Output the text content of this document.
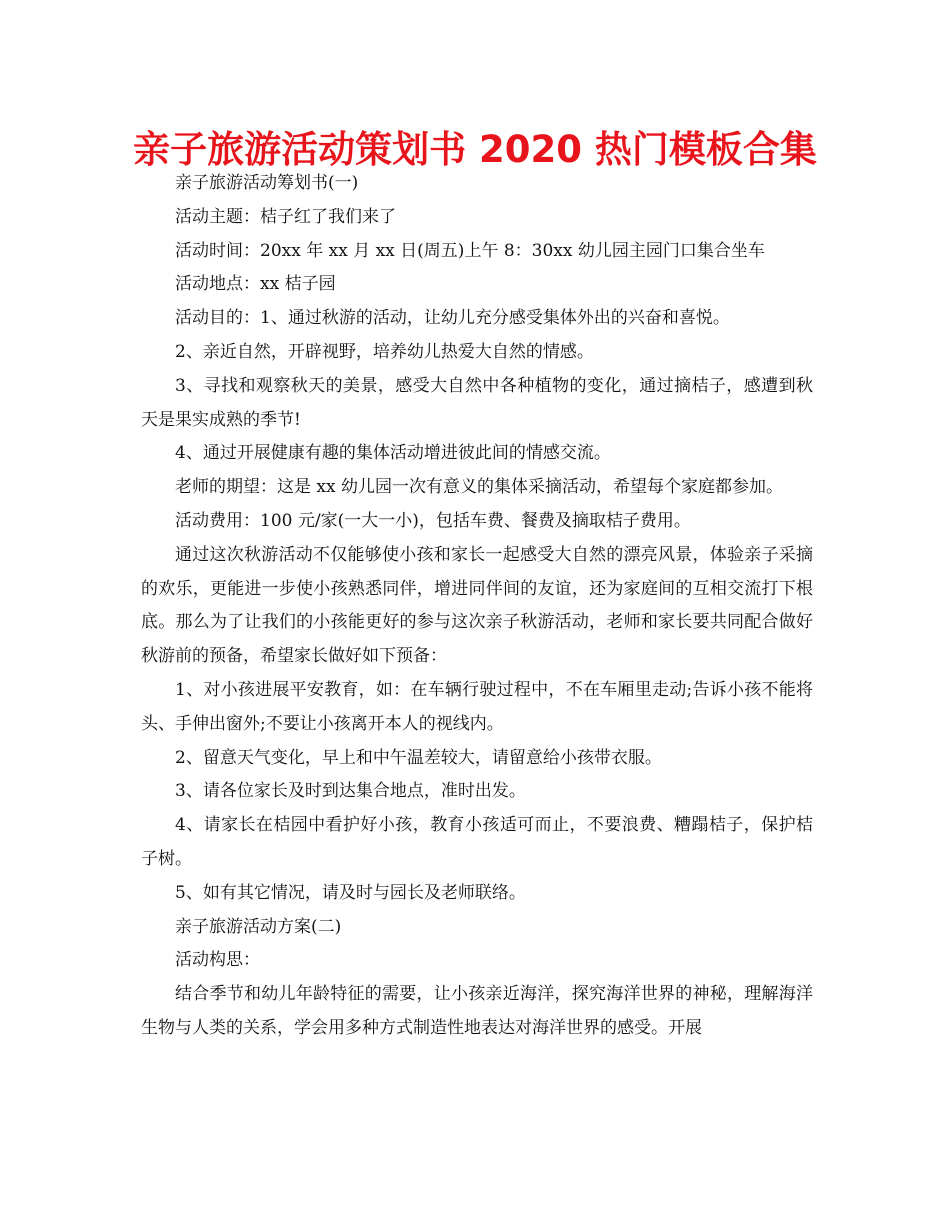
亲子旅游活动策划书 2020 热门模板合集

亲子旅游活动筹划书(一)

活动主题：桔子红了我们来了

活动时间：20xx 年 xx 月 xx 日(周五)上午 8：30xx 幼儿园主园门口集合坐车

活动地点：xx 桔子园

活动目的：1、通过秋游的活动，让幼儿充分感受集体外出的兴奋和喜悦。

2、亲近自然，开辟视野，培养幼儿热爱大自然的情感。

3、寻找和观察秋天的美景，感受大自然中各种植物的变化，通过摘桔子，感遭到秋天是果实成熟的季节!

4、通过开展健康有趣的集体活动增进彼此间的情感交流。

老师的期望：这是 xx 幼儿园一次有意义的集体采摘活动，希望每个家庭都参加。

活动费用：100 元/家(一大一小)，包括车费、餐费及摘取桔子费用。

通过这次秋游活动不仅能够使小孩和家长一起感受大自然的漂亮风景，体验亲子采摘的欢乐，更能进一步使小孩熟悉同伴，增进同伴间的友谊，还为家庭间的互相交流打下根底。那么为了让我们的小孩能更好的参与这次亲子秋游活动，老师和家长要共同配合做好秋游前的预备，希望家长做好如下预备：

1、对小孩进展平安教育，如：在车辆行驶过程中，不在车厢里走动;告诉小孩不能将头、手伸出窗外;不要让小孩离开本人的视线内。

2、留意天气变化，早上和中午温差较大，请留意给小孩带衣服。

3、请各位家长及时到达集合地点，准时出发。

4、请家长在桔园中看护好小孩，教育小孩适可而止，不要浪费、糟蹋桔子，保护桔子树。

5、如有其它情况，请及时与园长及老师联络。

亲子旅游活动方案(二)

活动构思：

结合季节和幼儿年龄特征的需要，让小孩亲近海洋，探究海洋世界的神秘，理解海洋生物与人类的关系，学会用多种方式制造性地表达对海洋世界的感受。开展
